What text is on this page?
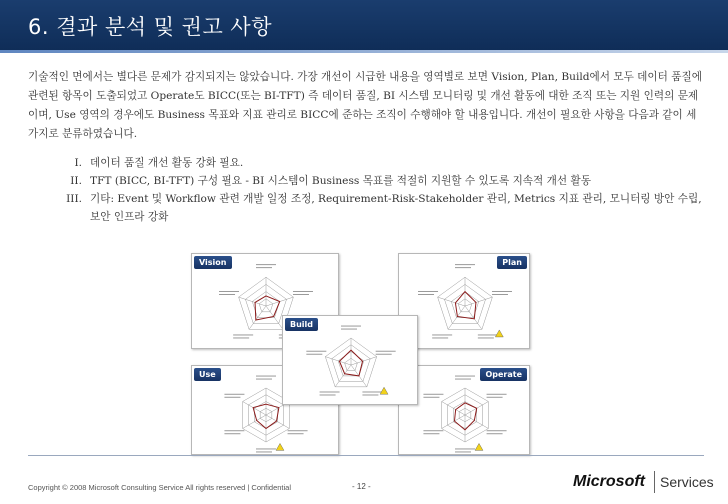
6. 결과 분석 및 권고 사항
기술적인 면에서는 별다른 문제가 감지되지는 않았습니다. 가장 개선이 시급한 내용을 영역별로 보면 Vision, Plan, Build에서 모두 데이터 품질에 관련된 항목이 도출되었고 Operate도 BICC(또는 BI-TFT) 즉 데이터 품질, BI 시스템 모니터링 및 개선 활동에 대한 조직 또는 지원 인력의 문제이며, Use 영역의 경우에도 Business 목표와 지표 관리로 BICC에 준하는 조직이 수행해야 할 내용입니다. 개선이 필요한 사항을 다음과 같이 세 가지로 분류하였습니다.
I. 데이터 품질 개선 활동 강화 필요.
II. TFT (BICC, BI-TFT) 구성 필요 - BI 시스템이 Business 목표를 적절히 지원할 수 있도록 지속적 개선 활동
III. 기타: Event 및 Workflow 관련 개발 일정 조정, Requirement-Risk-Stakeholder 관리, Metrics 지표 관리, 모니터링 방안 수립, 보안 인프라 강화
Vision	Plan
Use	Operate
Build
Copyright © 2008 Microsoft Consulting Service All rights reserved | Confidential	- 12 -	Microsoft Services
